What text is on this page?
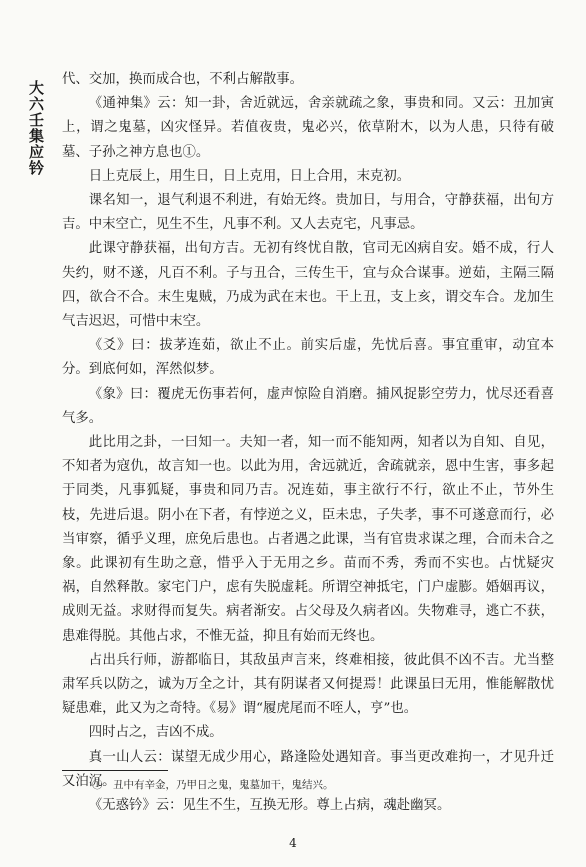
大六壬集应钤

代、交加，换而成合也，不利占解散事。

《通神集》云：知一卦，舍近就远，舍亲就疏之象，事贵和同。又云：丑加寅上，谓之鬼墓，凶灾怪异。若值夜贵，鬼必兴，依草附木，以为人患，只待有破墓、子孙之神方息也①。

日上克辰上，用生日，日上克用，日上合用，末克初。

课名知一，退气利退不利进，有始无终。贵加日，与用合，守静获福，出旬方吉。中末空亡，见生不生，凡事不利。又人去克宅，凡事忌。

此课守静获福，出旬方吉。无初有终忧自散，官司无凶病自安。婚不成，行人失约，财不遂，凡百不利。子与丑合，三传生干，宜与众合谋事。逆茹，主隔三隔四，欲合不合。末生鬼贼，乃成为武在末也。干上丑，支上亥，谓交车合。龙加生气吉迟迟，可惜中末空。

《爻》曰：拔茅连茹，欲止不止。前实后虚，先忧后喜。事宜重审，动宜本分。到底何如，浑然似梦。

《象》曰：覆虎无伤事若何，虚声惊险自消磨。捕风捉影空劳力，忧尽还看喜气多。

此比用之卦，一曰知一。夫知一者，知一而不能知两，知者以为自知、自见，不知者为寇仇，故言知一也。以此为用，舍远就近，舍疏就亲，恩中生害，事多起于同类，凡事狐疑，事贵和同乃吉。况连茹，事主欲行不行，欲止不止，节外生枝，先进后退。阴小在下者，有悖逆之义，臣未忠，子失孝，事不可遂意而行，必当审察，循乎义理，庶免后患也。占者遇之此课，当有官贵求谋之理，合而未合之象。此课初有生助之意，惜乎入于无用之乡。苗而不秀，秀而不实也。占忧疑灾祸，自然释散。家宅门户，虑有失脱虚耗。所谓空神抵宅，门户虚膨。婚姻再议，成则无益。求财得而复失。病者渐安。占父母及久病者凶。失物难寻，逃亡不获，患难得脱。其他占求，不惟无益，抑且有始而无终也。

占出兵行师，游都临日，其敌虽声言来，终难相接，彼此俱不凶不吉。尤当整肃军兵以防之，诚为万全之计，其有阴谋者又何提焉！此课虽曰无用，惟能解散忧疑患难，此又为之奇特。《易》谓“履虎尾而不咥人，亨”也。

四时占之，吉凶不成。

真一山人云：谋望无成少用心，路逢险处遇知音。事当更改难拘一，才见升迁又泊沉。

《无惑钤》云：见生不生，互换无形。尊上占病，魂赴幽冥。

①　丑中有辛金，乃甲日之鬼，鬼墓加干，鬼结兴。
4
